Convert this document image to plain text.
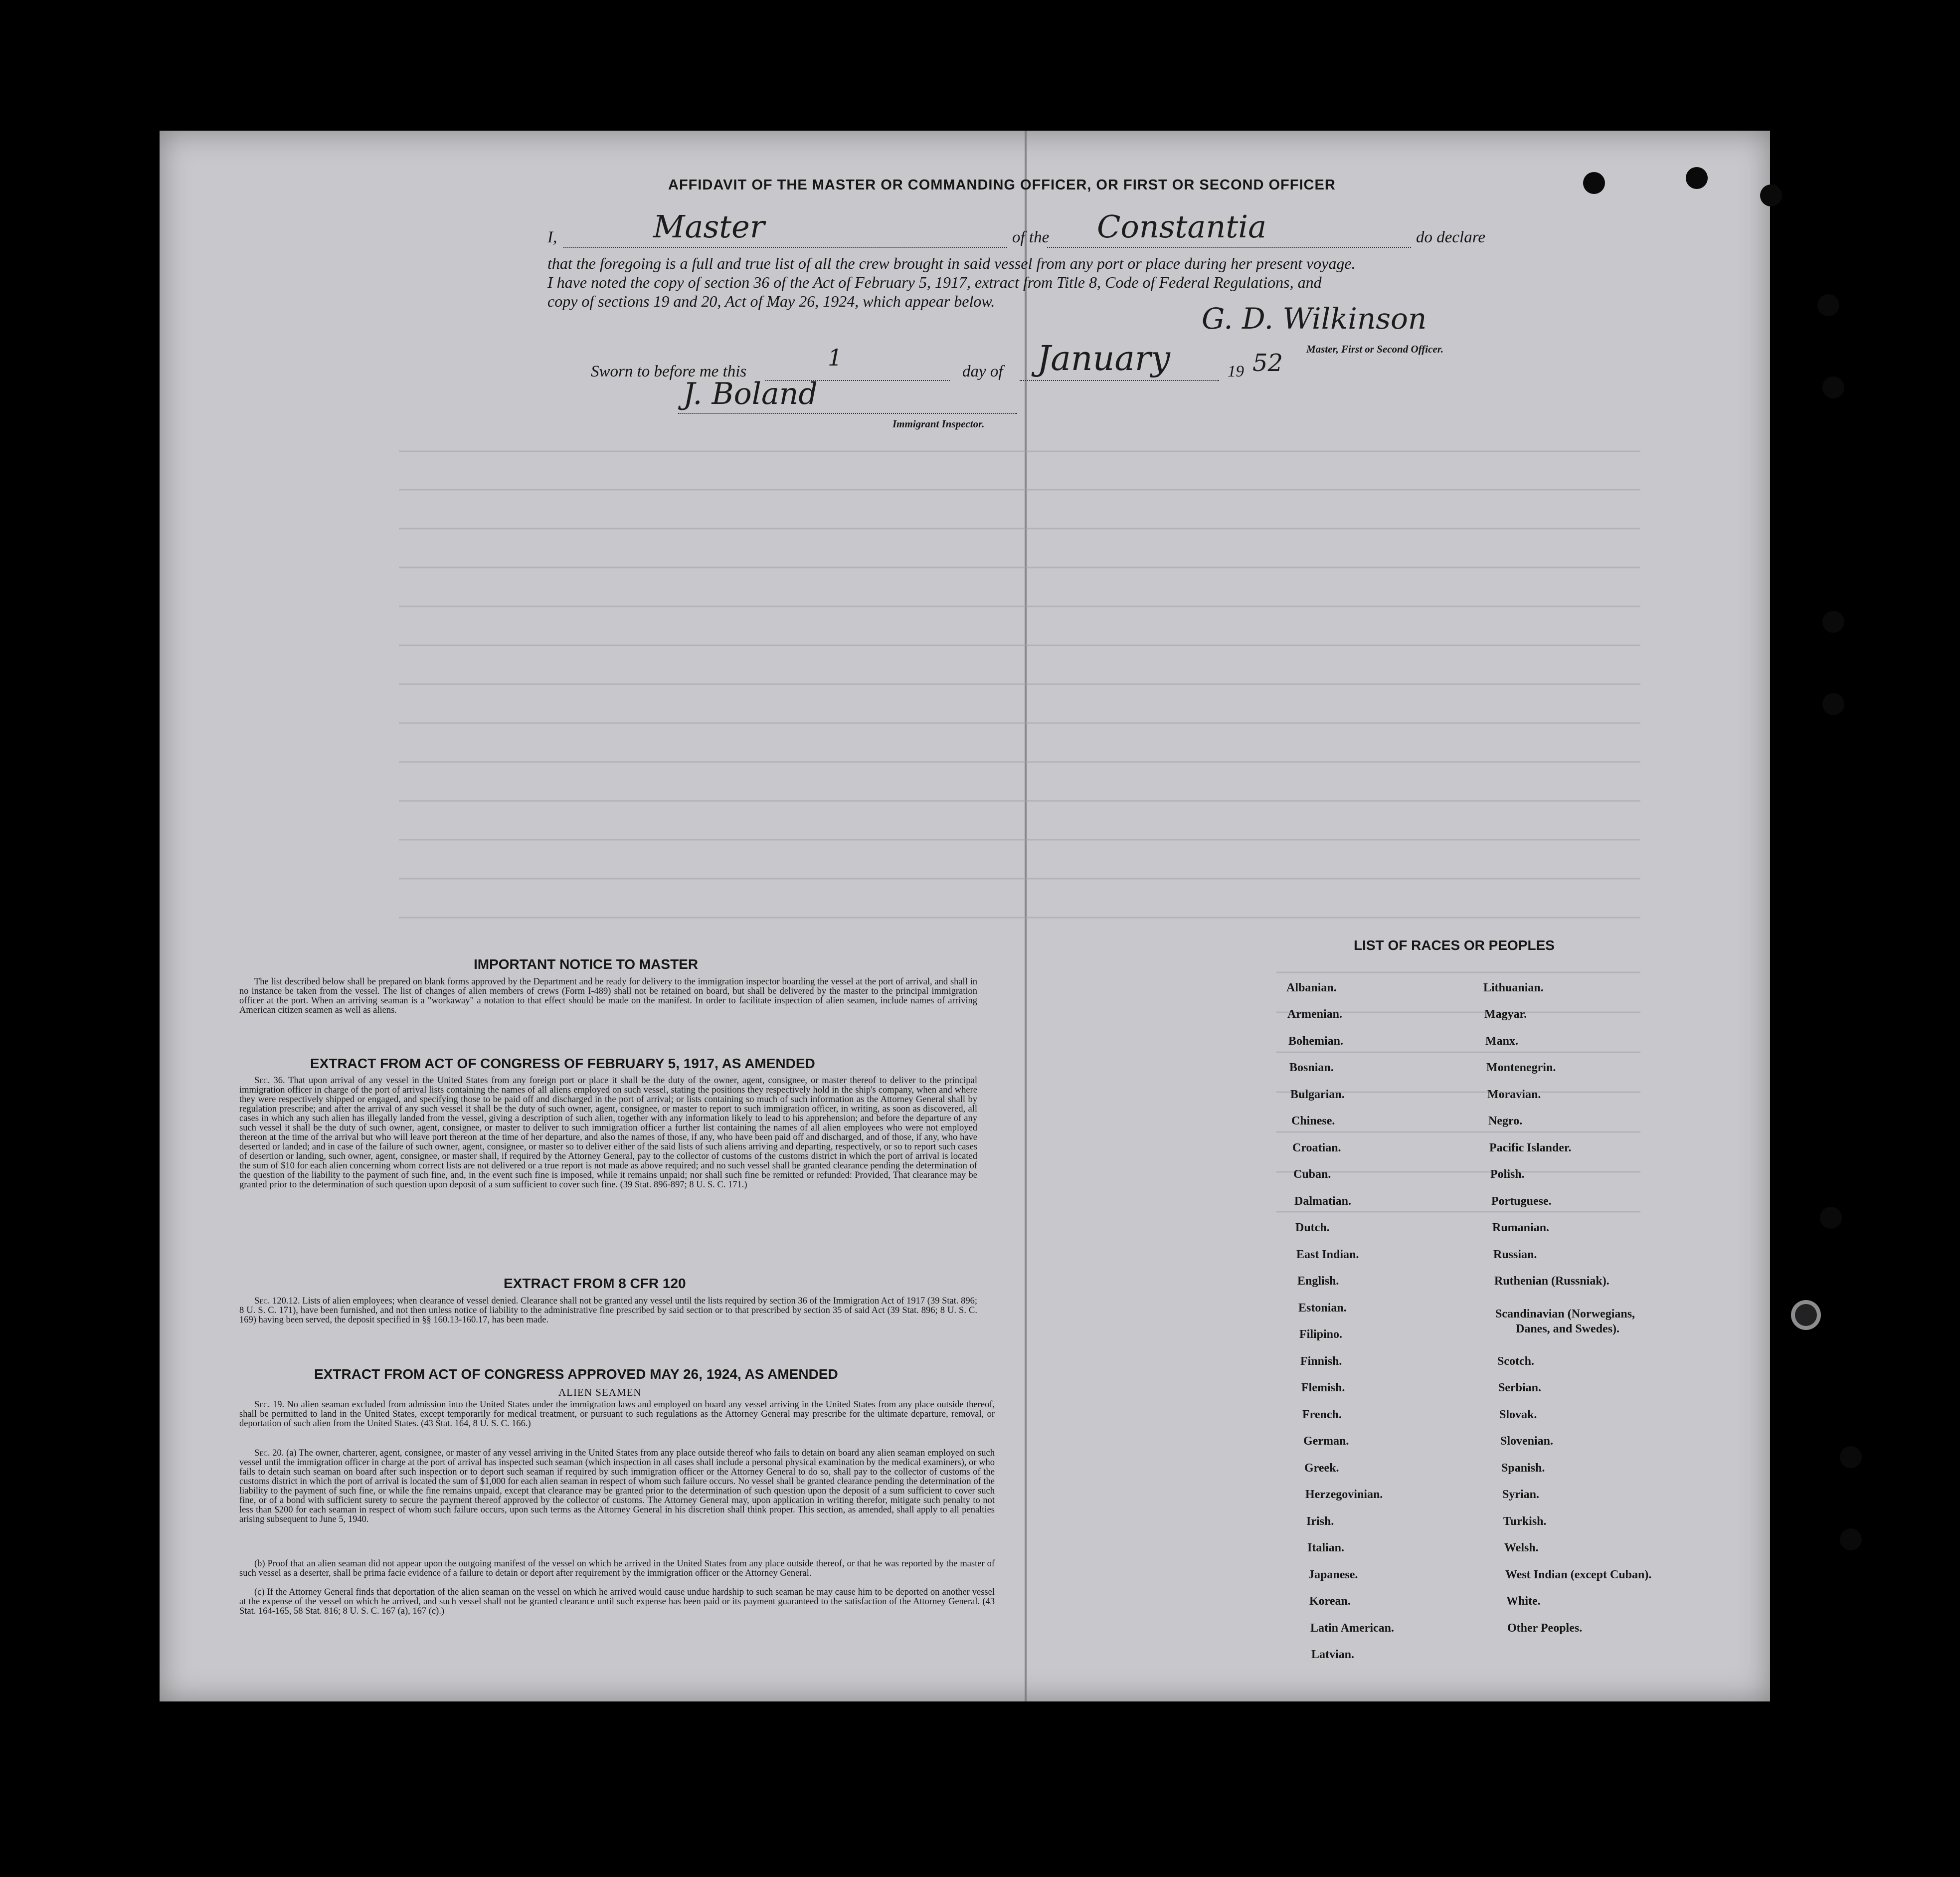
AFFIDAVIT OF THE MASTER OR COMMANDING OFFICER, OR FIRST OR SECOND OFFICER
I,	Master	of the Constantia	do declare
that the foregoing is a full and true list of all the crew brought in said vessel from any port or place during her present voyage.
I have noted the copy of section 36 of the Act of February 5, 1917, extract from Title 8, Code of Federal Regulations, and
copy of sections 19 and 20, Act of May 26, 1924, which appear below.
G. D. Wilkinson
Master, First or Second Officer.
Sworn to before me this
1
day of January	19 52
J. Boland
Immigrant Inspector.
IMPORTANT NOTICE TO MASTER
The list described below shall be prepared on blank forms approved by the Department and be ready for delivery to the immigration inspector boarding the vessel at the port of arrival, and shall in no instance be taken from the vessel. The list of changes of alien members of crews (Form I-489) shall not be retained on board, but shall be delivered by the master to the principal immigration officer at the port. When an arriving seaman is a "workaway" a notation to that effect should be made on the manifest. In order to facilitate inspection of alien seamen, include names of arriving American citizen seamen as well as aliens.
EXTRACT FROM ACT OF CONGRESS OF FEBRUARY 5, 1917, AS AMENDED
Sec. 36. That upon arrival of any vessel in the United States from any foreign port or place it shall be the duty of the owner, agent, consignee, or master thereof to deliver to the principal immigration officer in charge of the port of arrival lists containing the names of all aliens employed on such vessel, stating the positions they respectively hold in the ship's company, when and where they were respectively shipped or engaged, and specifying those to be paid off and discharged in the port of arrival; or lists containing so much of such information as the Attorney General shall by regulation prescribe; and after the arrival of any such vessel it shall be the duty of such owner, agent, consignee, or master to report to such immigration officer, in writing, as soon as discovered, all cases in which any such alien has illegally landed from the vessel, giving a description of such alien, together with any information likely to lead to his apprehension; and before the departure of any such vessel it shall be the duty of such owner, agent, consignee, or master to deliver to such immigration officer a further list containing the names of all alien employees who were not employed thereon at the time of the arrival but who will leave port thereon at the time of her departure, and also the names of those, if any, who have been paid off and discharged, and of those, if any, who have deserted or landed; and in case of the failure of such owner, agent, consignee, or master so to deliver either of the said lists of such aliens arriving and departing, respectively, or so to report such cases of desertion or landing, such owner, agent, consignee, or master shall, if required by the Attorney General, pay to the collector of customs of the customs district in which the port of arrival is located the sum of $10 for each alien concerning whom correct lists are not delivered or a true report is not made as above required; and no such vessel shall be granted clearance pending the determination of the question of the liability to the payment of such fine, and, in the event such fine is imposed, while it remains unpaid; nor shall such fine be remitted or refunded: Provided, That clearance may be granted prior to the determination of such question upon deposit of a sum sufficient to cover such fine. (39 Stat. 896-897; 8 U. S. C. 171.)
EXTRACT FROM 8 CFR 120
Sec. 120.12. Lists of alien employees; when clearance of vessel denied. Clearance shall not be granted any vessel until the lists required by section 36 of the Immigration Act of 1917 (39 Stat. 896; 8 U. S. C. 171), have been furnished, and not then unless notice of liability to the administrative fine prescribed by said section or to that prescribed by section 35 of said Act (39 Stat. 896; 8 U. S. C. 169) having been served, the deposit specified in §§ 160.13-160.17, has been made.
EXTRACT FROM ACT OF CONGRESS APPROVED MAY 26, 1924, AS AMENDED
ALIEN SEAMEN
Sec. 19. No alien seaman excluded from admission into the United States under the immigration laws and employed on board any vessel arriving in the United States from any place outside thereof, shall be permitted to land in the United States, except temporarily for medical treatment, or pursuant to such regulations as the Attorney General may prescribe for the ultimate departure, removal, or deportation of such alien from the United States. (43 Stat. 164, 8 U. S. C. 166.)
Sec. 20. (a) The owner, charterer, agent, consignee, or master of any vessel arriving in the United States from any place outside thereof who fails to detain on board any alien seaman employed on such vessel until the immigration officer in charge at the port of arrival has inspected such seaman (which inspection in all cases shall include a personal physical examination by the medical examiners), or who fails to detain such seaman on board after such inspection or to deport such seaman if required by such immigration officer or the Attorney General to do so, shall pay to the collector of customs of the customs district in which the port of arrival is located the sum of $1,000 for each alien seaman in respect of whom such failure occurs. No vessel shall be granted clearance pending the determination of the liability to the payment of such fine, or while the fine remains unpaid, except that clearance may be granted prior to the determination of such question upon the deposit of a sum sufficient to cover such fine, or of a bond with sufficient surety to secure the payment thereof approved by the collector of customs. The Attorney General may, upon application in writing therefor, mitigate such penalty to not less than $200 for each seaman in respect of whom such failure occurs, upon such terms as the Attorney General in his discretion shall think proper. This section, as amended, shall apply to all penalties arising subsequent to June 5, 1940.
(b) Proof that an alien seaman did not appear upon the outgoing manifest of the vessel on which he arrived in the United States from any place outside thereof, or that he was reported by the master of such vessel as a deserter, shall be prima facie evidence of a failure to detain or deport after requirement by the immigration officer or the Attorney General.
(c) If the Attorney General finds that deportation of the alien seaman on the vessel on which he arrived would cause undue hardship to such seaman he may cause him to be deported on another vessel at the expense of the vessel on which he arrived, and such vessel shall not be granted clearance until such expense has been paid or its payment guaranteed to the satisfaction of the Attorney General. (43 Stat. 164-165, 58 Stat. 816; 8 U. S. C. 167 (a), 167 (c).)
LIST OF RACES OR PEOPLES
Albanian.
Armenian.
Bohemian.
Bosnian.
Bulgarian.
Chinese.
Croatian.
Cuban.
Dalmatian.
Dutch.
East Indian.
English.
Estonian.
Filipino.
Finnish.
Flemish.
French.
German.
Greek.
Herzegovinian.
Irish.
Italian.
Japanese.
Korean.
Latin American.
Latvian.
Lithuanian.
Magyar.
Manx.
Montenegrin.
Moravian.
Negro.
Pacific Islander.
Polish.
Portuguese.
Rumanian.
Russian.
Ruthenian (Russniak).
Scandinavian (Norwegians,
Danes, and Swedes).
Scotch.
Serbian.
Slovak.
Slovenian.
Spanish.
Syrian.
Turkish.
Welsh.
West Indian (except Cuban).
White.
Other Peoples.
